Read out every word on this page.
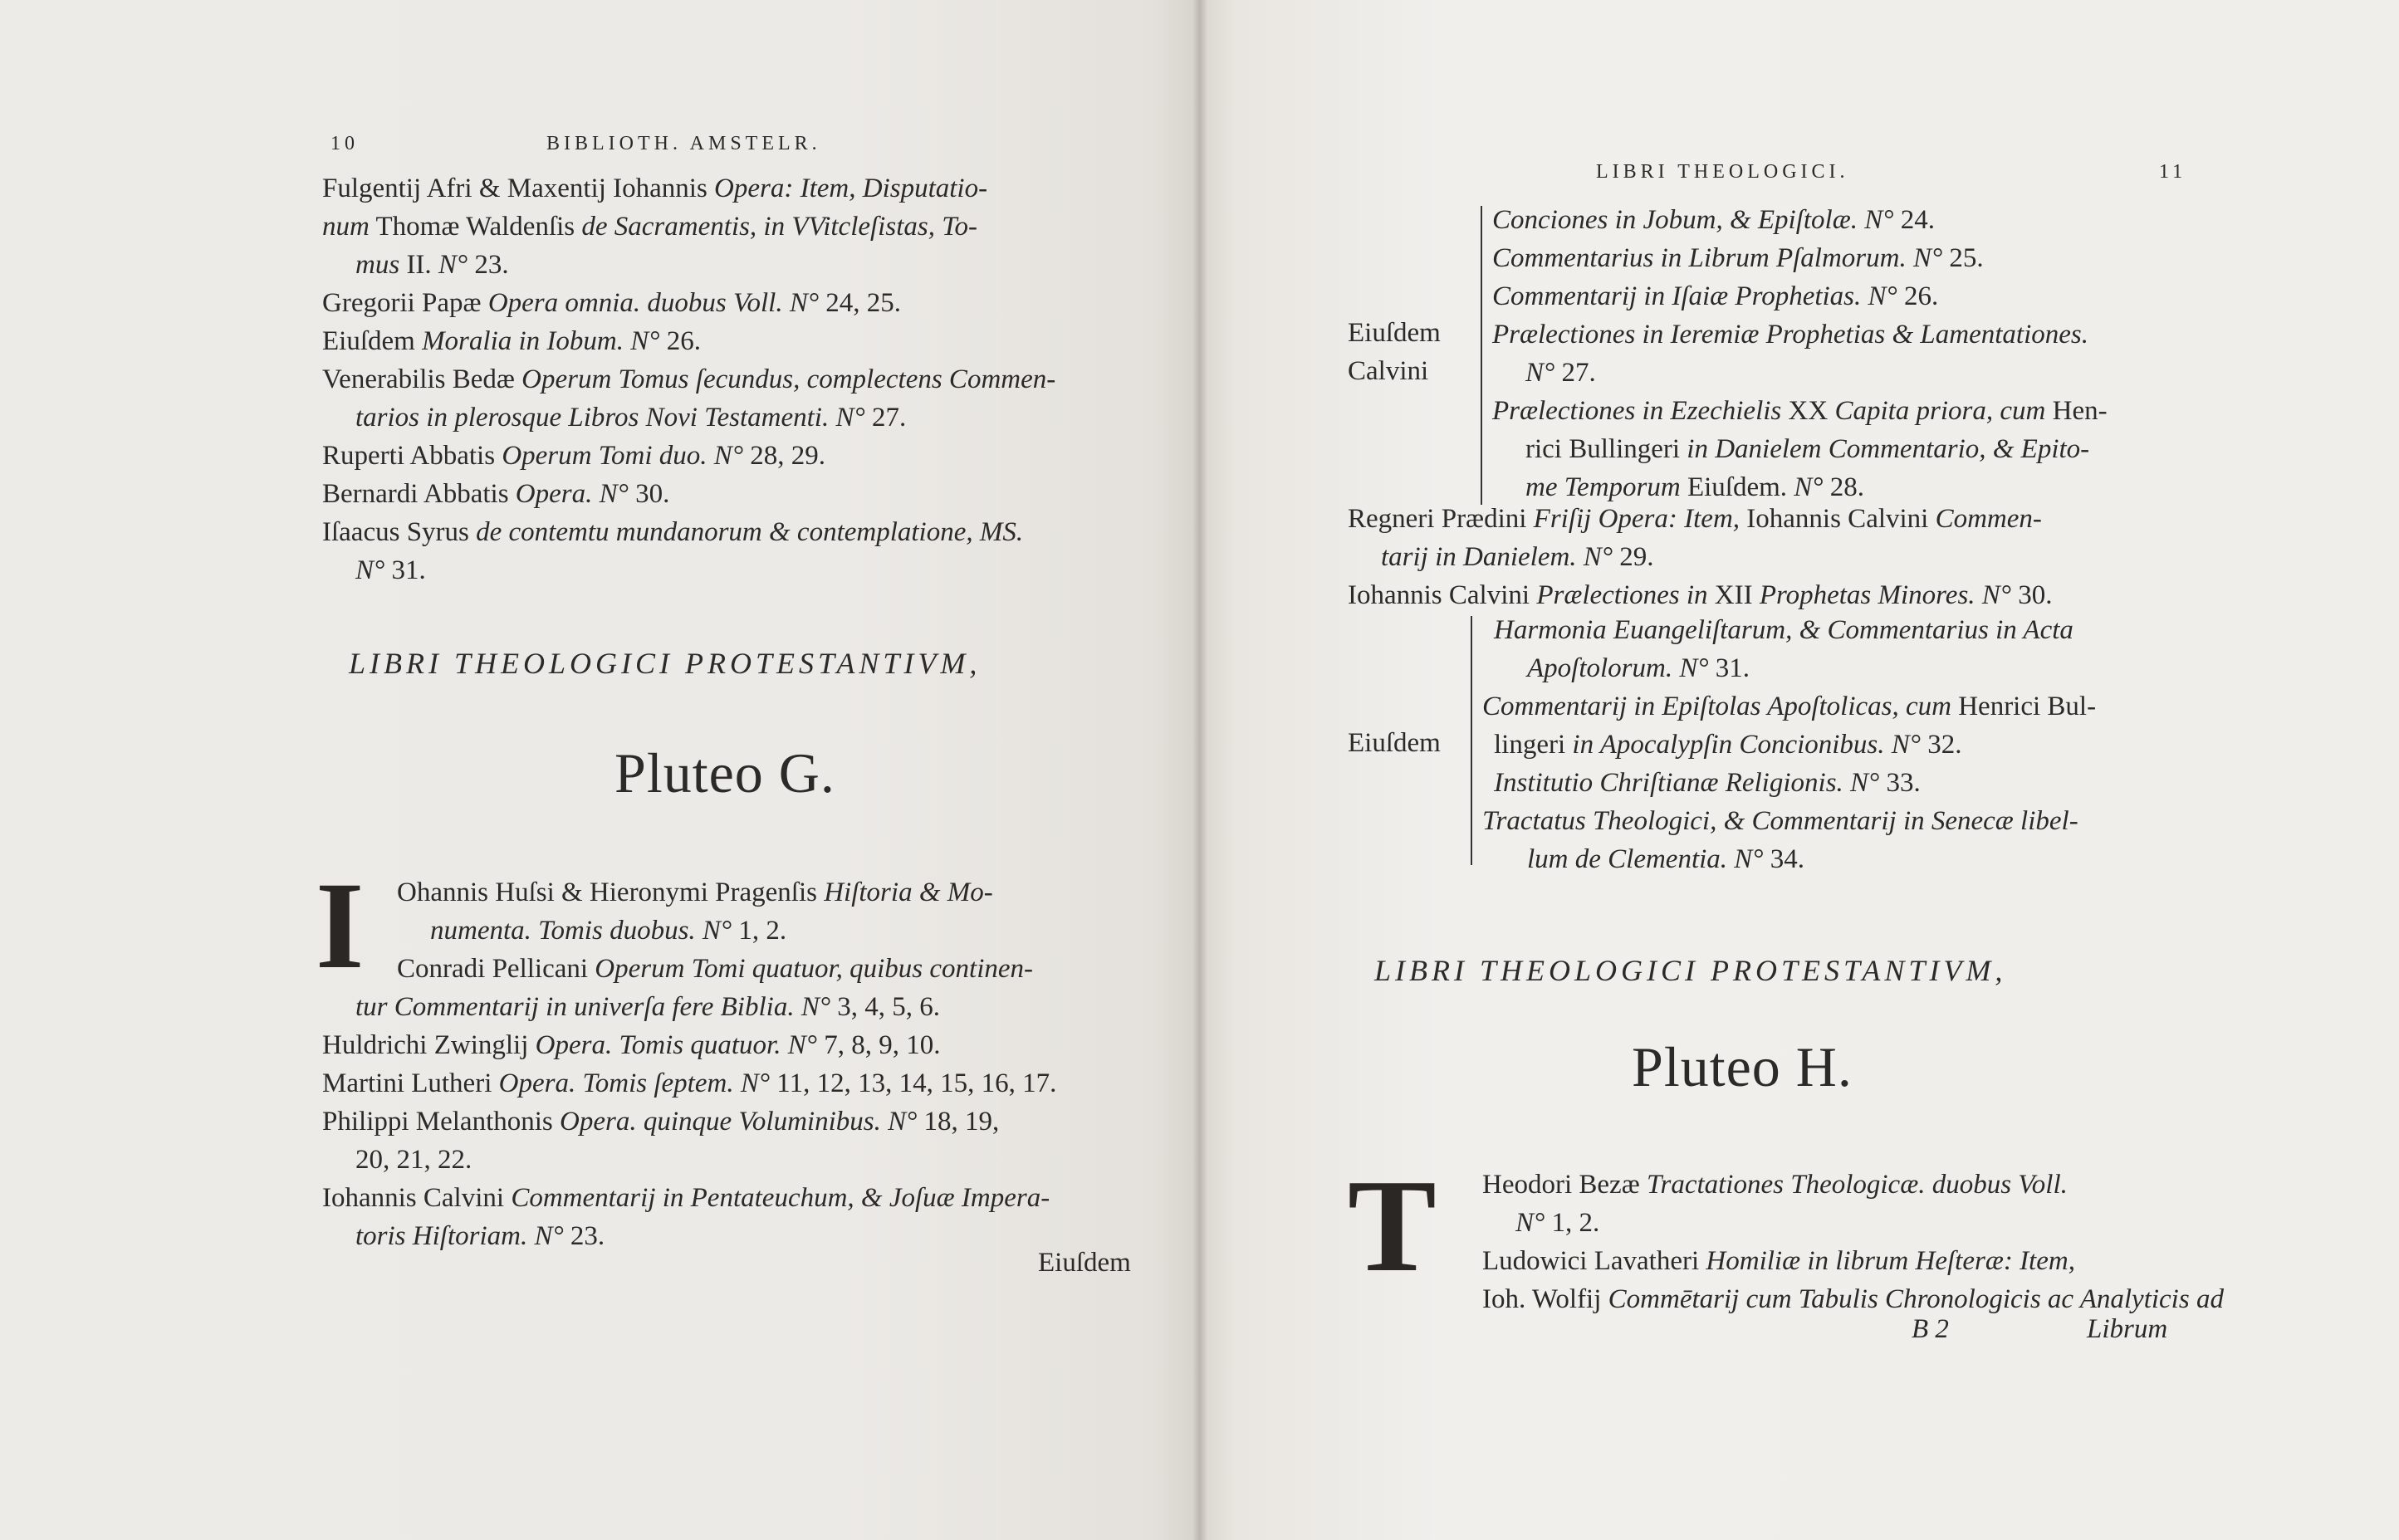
10	BIBLIOTH. AMSTELR.
Fulgentij Afri & Maxentij Iohannis Opera: Item, Disputatio-
num Thomæ Waldenſis de Sacramentis, in VVitcleſistas, To-
mus II. N° 23.
Gregorii Papæ Opera omnia. duobus Voll. N° 24, 25.
Eiuſdem Moralia in Iobum. N° 26.
Venerabilis Bedæ Operum Tomus ſecundus, complectens Commen-
tarios in plerosque Libros Novi Testamenti. N° 27.
Ruperti Abbatis Operum Tomi duo. N° 28, 29.
Bernardi Abbatis Opera. N° 30.
Iſaacus Syrus de contemtu mundanorum & contemplatione, MS.
N° 31.
LIBRI THEOLOGICI PROTESTANTIVM,
Pluteo G.
I	Ohannis Huſsi & Hieronymi Pragenſis Hiſtoria & Mo-
numenta. Tomis duobus. N° 1, 2.
Conradi Pellicani Operum Tomi quatuor, quibus continen-
tur Commentarij in univerſa fere Biblia. N° 3, 4, 5, 6.
Huldrichi Zwinglij Opera. Tomis quatuor. N° 7, 8, 9, 10.
Martini Lutheri Opera. Tomis ſeptem. N° 11, 12, 13, 14, 15, 16, 17.
Philippi Melanthonis Opera. quinque Voluminibus. N° 18, 19,
20, 21, 22.
Iohannis Calvini Commentarij in Pentateuchum, & Joſuæ Impera-
toris Hiſtoriam. N° 23.
Eiuſdem
LIBRI THEOLOGICI.	11
Eiuſdem
Calvini
Conciones in Jobum, & Epiſtolæ. N° 24.
Commentarius in Librum Pſalmorum. N° 25.
Commentarij in Iſaiæ Prophetias. N° 26.
Prælectiones in Ieremiæ Prophetias & Lamentationes.
N° 27.
Prælectiones in Ezechielis XX Capita priora, cum Hen-
rici Bullingeri in Danielem Commentario, & Epito-
me Temporum Eiuſdem. N° 28.
Regneri Prædini Friſij Opera: Item, Iohannis Calvini Commen-
tarij in Danielem. N° 29.
Iohannis Calvini Prælectiones in XII Prophetas Minores. N° 30.
Eiuſdem
Harmonia Euangeliſtarum, & Commentarius in Acta
Apoſtolorum. N° 31.
Commentarij in Epiſtolas Apoſtolicas, cum Henrici Bul-
lingeri in Apocalypſin Concionibus. N° 32.
Institutio Chriſtianæ Religionis. N° 33.
Tractatus Theologici, & Commentarij in Senecæ libel-
lum de Clementia. N° 34.
LIBRI THEOLOGICI PROTESTANTIVM,
Pluteo H.
T Heodori Bezæ Tractationes Theologicæ. duobus Voll.
N° 1, 2.
Ludowici Lavatheri Homiliæ in librum Heſteræ: Item,
Ioh. Wolfij Commētarij cum Tabulis Chronologicis ac Analyticis ad
B 2	Librum
